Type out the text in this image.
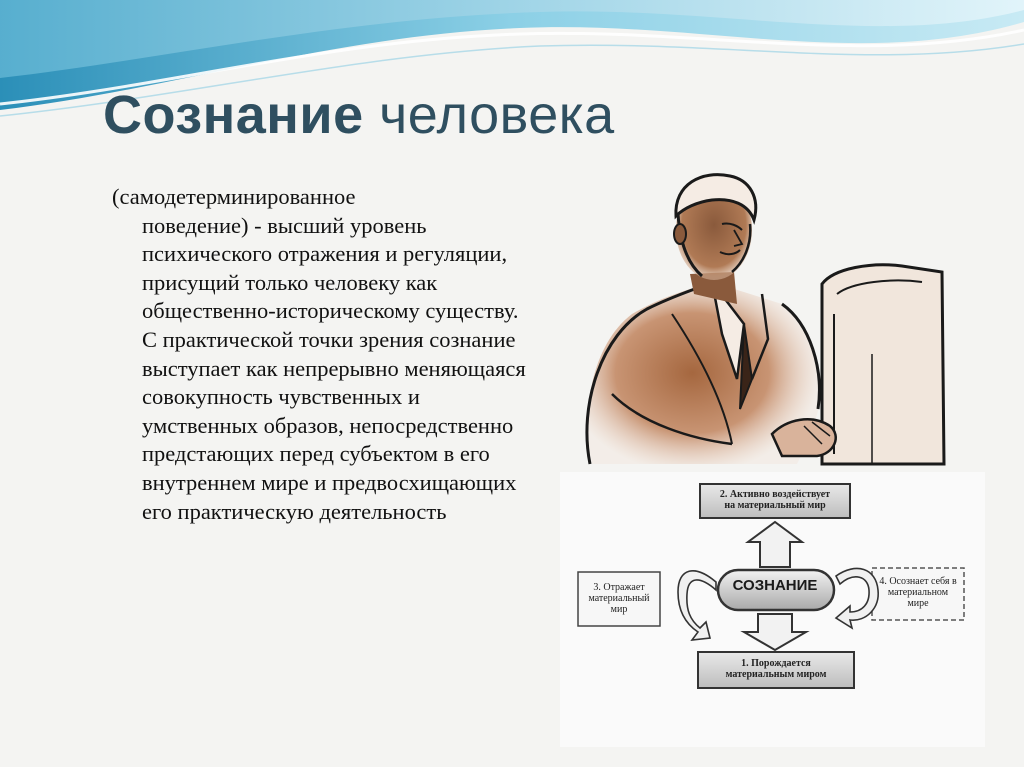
Сознание человека
(самодетерминированное
поведение) - высший уровень психического отражения и регуляции, присущий только человеку как общественно-историческому существу. С практической точки зрения сознание выступает как непрерывно меняющаяся совокупность чувственных и умственных образов, непосредственно предстающих перед субъектом в его внутреннем мире и предвосхищающих его практическую деятельность
2. Активно воздействует
на материальный мир
3. Отражает
материальный
мир
4. Осознает себя в
материальном
мире
СОЗНАНИЕ
1. Порождается
материальным миром
